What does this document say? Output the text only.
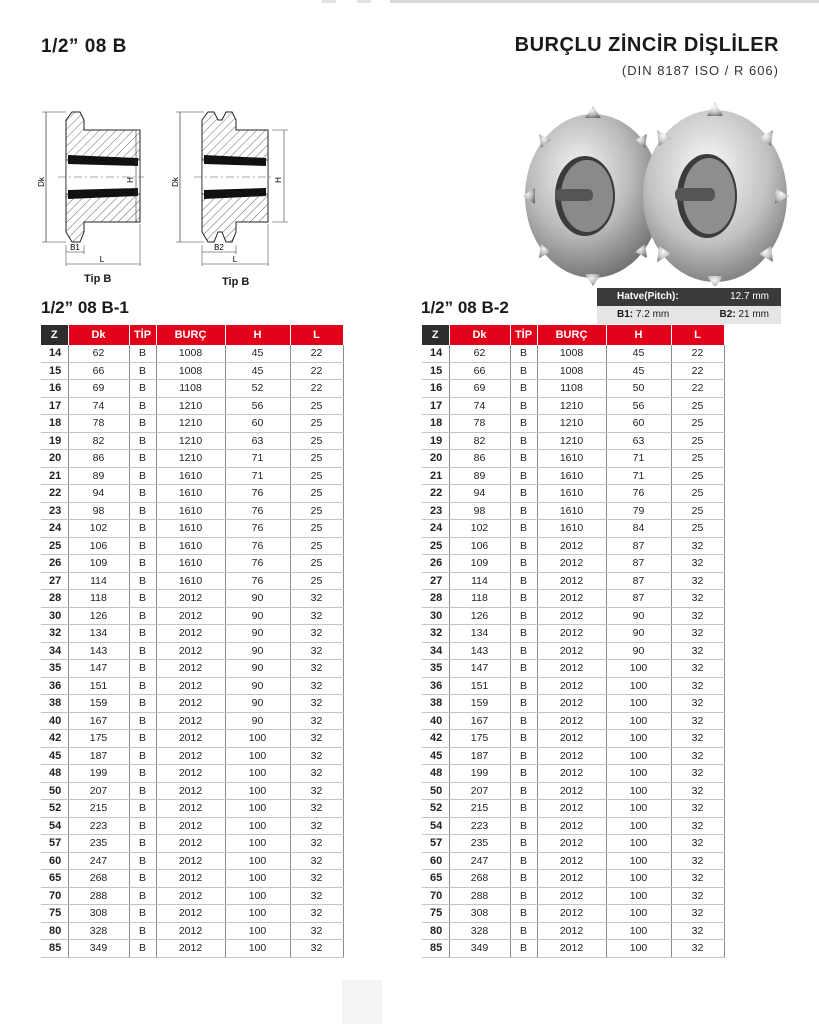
1/2” 08 B	BURÇLU ZİNCİR DİŞLİLER
(DIN 8187 ISO / R 606)
Dk	H
B1
L
Tip B
Dk	H
B2
L
Tip B
1/2” 08 B-1	1/2” 08 B-2
Hatve(Pitch):	12.7 mm
B1: 7.2 mm	B2: 21 mm
Z	Dk	TİP	BURÇ	H	L
14	62	B	1008	45	22
15	66	B	1008	45	22
16	69	B	1108	52	22
17	74	B	1210	56	25
18	78	B	1210	60	25
19	82	B	1210	63	25
20	86	B	1210	71	25
21	89	B	1610	71	25
22	94	B	1610	76	25
23	98	B	1610	76	25
24	102	B	1610	76	25
25	106	B	1610	76	25
26	109	B	1610	76	25
27	114	B	1610	76	25
28	118	B	2012	90	32
30	126	B	2012	90	32
32	134	B	2012	90	32
34	143	B	2012	90	32
35	147	B	2012	90	32
36	151	B	2012	90	32
38	159	B	2012	90	32
40	167	B	2012	90	32
42	175	B	2012	100	32
45	187	B	2012	100	32
48	199	B	2012	100	32
50	207	B	2012	100	32
52	215	B	2012	100	32
54	223	B	2012	100	32
57	235	B	2012	100	32
60	247	B	2012	100	32
65	268	B	2012	100	32
70	288	B	2012	100	32
75	308	B	2012	100	32
80	328	B	2012	100	32
85	349	B	2012	100	32
Z	Dk	TİP	BURÇ	H	L
14	62	B	1008	45	22
15	66	B	1008	45	22
16	69	B	1108	50	22
17	74	B	1210	56	25
18	78	B	1210	60	25
19	82	B	1210	63	25
20	86	B	1610	71	25
21	89	B	1610	71	25
22	94	B	1610	76	25
23	98	B	1610	79	25
24	102	B	1610	84	25
25	106	B	2012	87	32
26	109	B	2012	87	32
27	114	B	2012	87	32
28	118	B	2012	87	32
30	126	B	2012	90	32
32	134	B	2012	90	32
34	143	B	2012	90	32
35	147	B	2012	100	32
36	151	B	2012	100	32
38	159	B	2012	100	32
40	167	B	2012	100	32
42	175	B	2012	100	32
45	187	B	2012	100	32
48	199	B	2012	100	32
50	207	B	2012	100	32
52	215	B	2012	100	32
54	223	B	2012	100	32
57	235	B	2012	100	32
60	247	B	2012	100	32
65	268	B	2012	100	32
70	288	B	2012	100	32
75	308	B	2012	100	32
80	328	B	2012	100	32
85	349	B	2012	100	32
